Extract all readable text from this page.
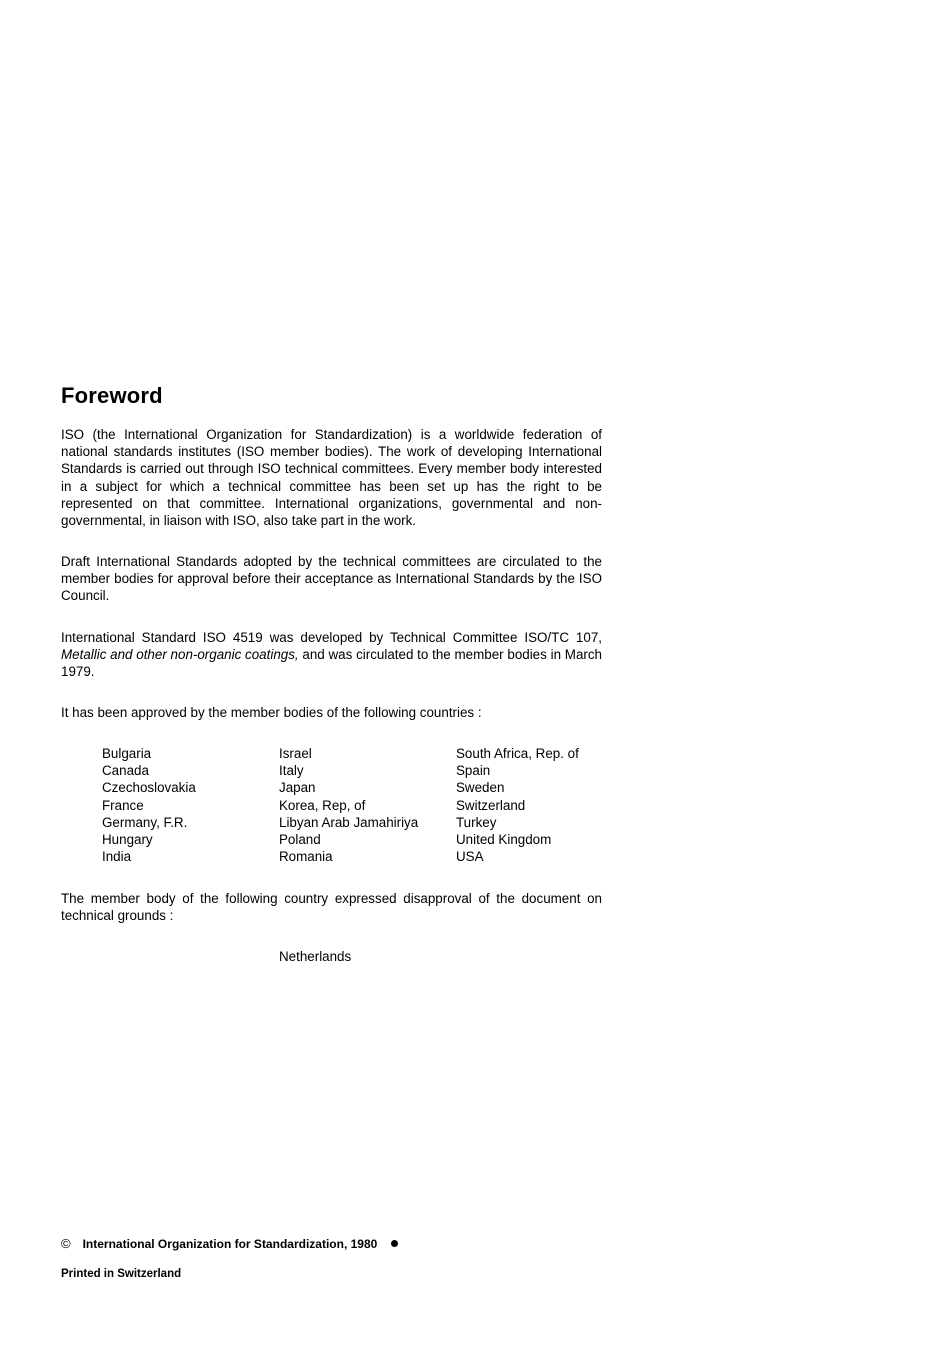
Foreword

ISO (the International Organization for Standardization) is a worldwide federation of national standards institutes (ISO member bodies). The work of developing International Standards is carried out through ISO technical committees. Every member body interested in a subject for which a technical committee has been set up has the right to be represented on that committee. International organizations, governmental and non-governmental, in liaison with ISO, also take part in the work.

Draft International Standards adopted by the technical committees are circulated to the member bodies for approval before their acceptance as International Standards by the ISO Council.

International Standard ISO 4519 was developed by Technical Committee ISO/TC 107, Metallic and other non-organic coatings, and was circulated to the member bodies in March 1979.

It has been approved by the member bodies of the following countries :

Bulgaria
Canada
Czechoslovakia
France
Germany, F.R.
Hungary
India
Israel
Italy
Japan
Korea, Rep, of
Libyan Arab Jamahiriya
Poland
Romania
South Africa, Rep. of
Spain
Sweden
Switzerland
Turkey
United Kingdom
USA

The member body of the following country expressed disapproval of the document on technical grounds :

Netherlands
© International Organization for Standardization, 1980
Printed in Switzerland
